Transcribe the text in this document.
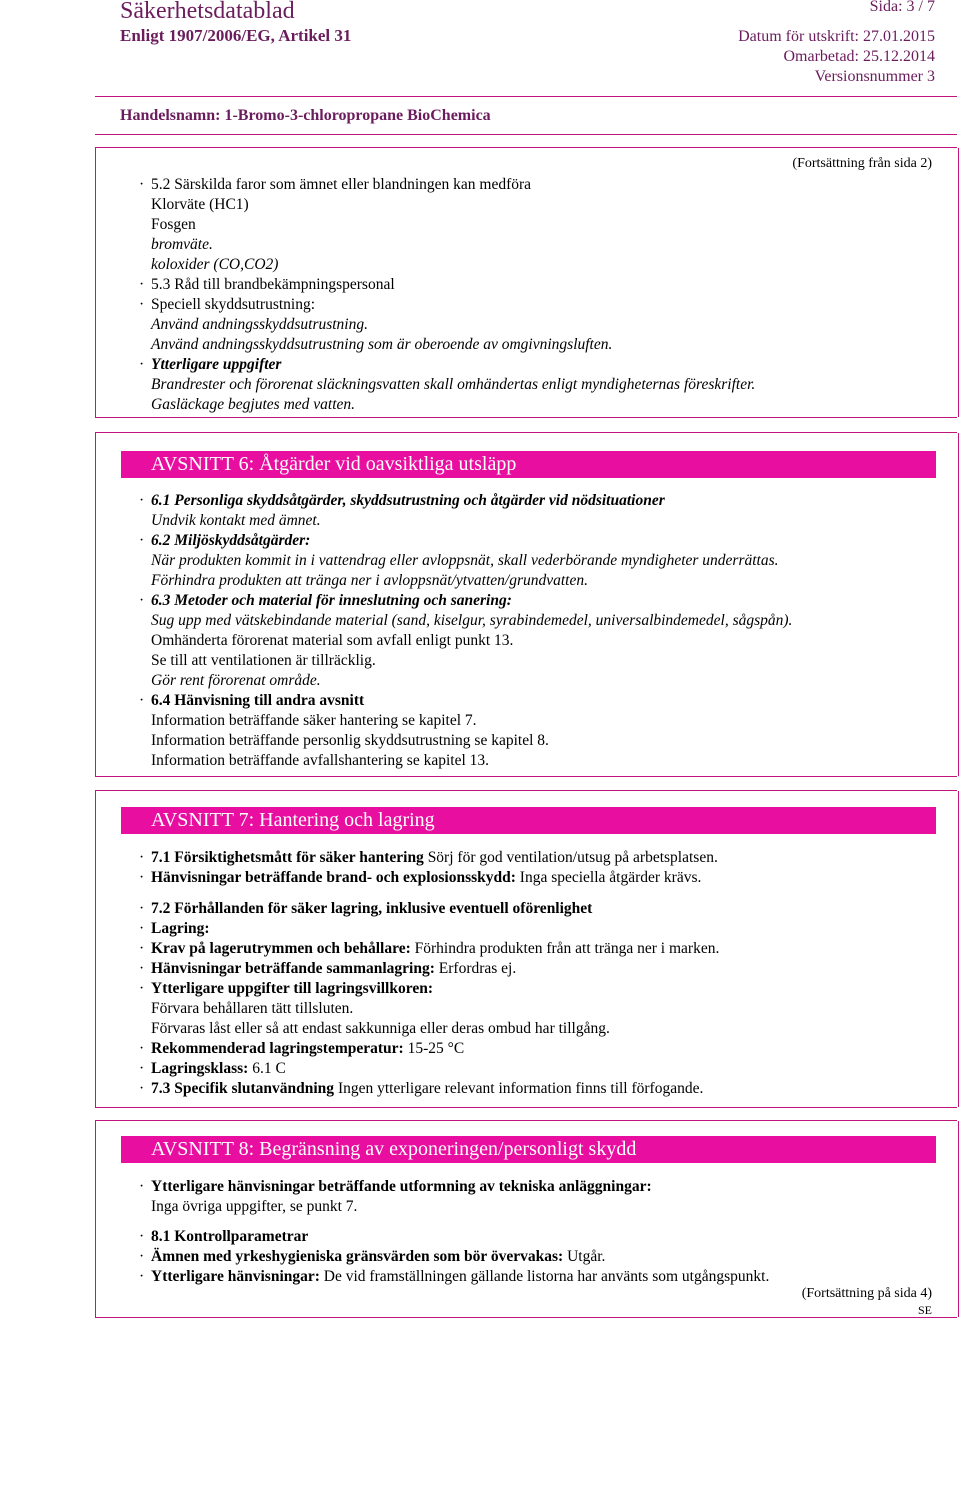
Säkerhetsdatablad
Enligt 1907/2006/EG, Artikel 31
Sida: 3 / 7
Datum för utskrift: 27.01.2015
Omarbetad: 25.12.2014
Versionsnummer 3
Handelsnamn: 1-Bromo-3-chloropropane BioChemica
(Fortsättning från sida 2)
· 5.2 Särskilda faror som ämnet eller blandningen kan medföra
Klorväte (HC1)
Fosgen
bromväte.
koloxider (CO,CO2)
· 5.3 Råd till brandbekämpningspersonal
· Speciell skyddsutrustning:
Använd andningsskyddsutrustning.
Använd andningsskyddsutrustning som är oberoende av omgivningsluften.
· Ytterligare uppgifter
Brandrester och förorenat släckningsvatten skall omhändertas enligt myndigheternas föreskrifter.
Gasläckage begjutes med vatten.
AVSNITT 6: Åtgärder vid oavsiktliga utsläpp
· 6.1 Personliga skyddsåtgärder, skyddsutrustning och åtgärder vid nödsituationer
Undvik kontakt med ämnet.
· 6.2 Miljöskyddsåtgärder:
När produkten kommit in i vattendrag eller avloppsnät, skall vederbörande myndigheter underrättas.
Förhindra produkten att tränga ner i avloppsnät/ytvatten/grundvatten.
· 6.3 Metoder och material för inneslutning och sanering:
Sug upp med vätskebindande material (sand, kiselgur, syrabindemedel, universalbindemedel, sågspån).
Omhänderta förorenat material som avfall enligt punkt 13.
Se till att ventilationen är tillräcklig.
Gör rent förorenat område.
· 6.4 Hänvisning till andra avsnitt
Information beträffande säker hantering se kapitel 7.
Information beträffande personlig skyddsutrustning se kapitel 8.
Information beträffande avfallshantering se kapitel 13.
AVSNITT 7: Hantering och lagring
· 7.1 Försiktighetsmått för säker hantering Sörj för god ventilation/utsug på arbetsplatsen.
· Hänvisningar beträffande brand- och explosionsskydd: Inga speciella åtgärder krävs.
· 7.2 Förhållanden för säker lagring, inklusive eventuell oförenlighet
· Lagring:
· Krav på lagerutrymmen och behållare: Förhindra produkten från att tränga ner i marken.
· Hänvisningar beträffande sammanlagring: Erfordras ej.
· Ytterligare uppgifter till lagringsvillkoren:
Förvara behållaren tätt tillsluten.
Förvaras låst eller så att endast sakkunniga eller deras ombud har tillgång.
· Rekommenderad lagringstemperatur: 15-25 °C
· Lagringsklass: 6.1 C
· 7.3 Specifik slutanvändning Ingen ytterligare relevant information finns till förfogande.
AVSNITT 8: Begränsning av exponeringen/personligt skydd
· Ytterligare hänvisningar beträffande utformning av tekniska anläggningar:
Inga övriga uppgifter, se punkt 7.
· 8.1 Kontrollparametrar
· Ämnen med yrkeshygieniska gränsvärden som bör övervakas: Utgår.
· Ytterligare hänvisningar: De vid framställningen gällande listorna har använts som utgångspunkt.
(Fortsättning på sida 4)
SE
